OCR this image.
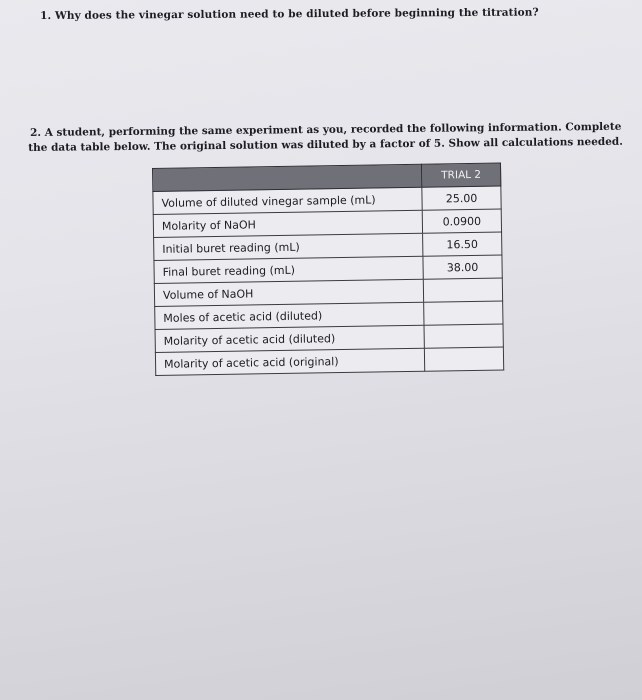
1. Why does the vinegar solution need to be diluted before beginning the titration?
2. A student, performing the same experiment as you, recorded the following information. Complete
the data table below. The original solution was diluted by a factor of 5. Show all calculations needed.
	TRIAL 2
Volume of diluted vinegar sample (mL)	25.00
Molarity of NaOH	0.0900
Initial buret reading (mL)	16.50
Final buret reading (mL)	38.00
Volume of NaOH	
Moles of acetic acid (diluted)	
Molarity of acetic acid (diluted)	
Molarity of acetic acid (original)	
